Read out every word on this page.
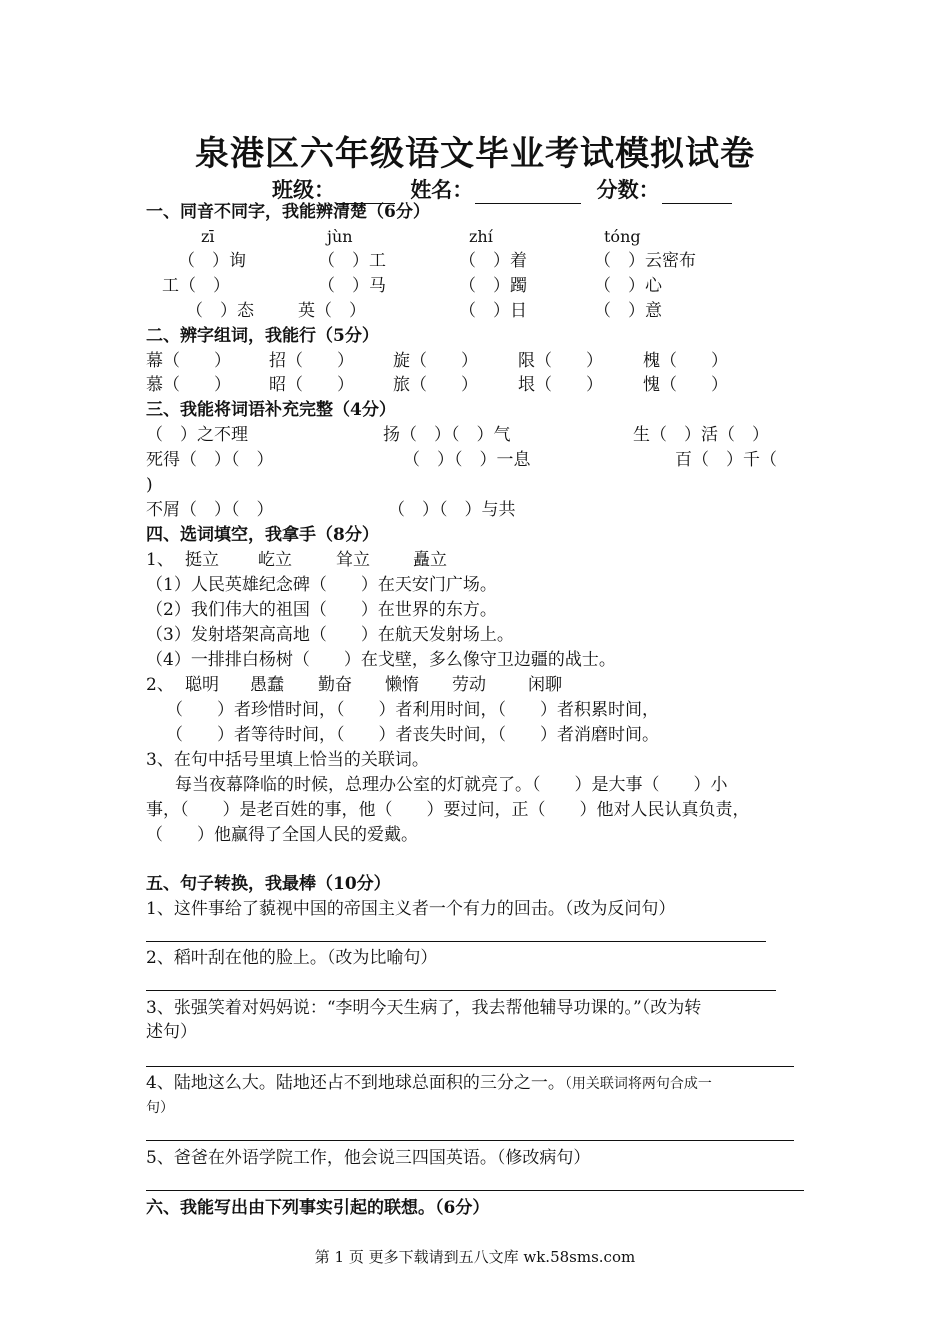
泉港区六年级语文毕业考试模拟试卷
班级：	姓名：	分数：
一、同音不同字，我能辨清楚（6分）
zī	jùn	zhí	tóng
（　）询	（　）工	（　）着	（　）云密布
工（　）	（　）马	（　）躅	（　）心
（　）态	英（　）	（　）日	（　）意
二、辨字组词，我能行（5分）
幕（　　） 招（　　） 旋（　　） 限（　　） 槐（　　）
慕（　　） 昭（　　） 旅（　　） 垠（　　） 愧（　　）
三、我能将词语补充完整（4分）
（　）之不理	扬（　）（　）气	生（　）活（　）
死得（　）（　）	（　）（　）一息	百（　）千（
)
不屑（　）（　）	（　）（　）与共
四、选词填空，我拿手（8分）
1、 挺立 屹立	耸立	矗立
（1）人民英雄纪念碑（　　）在天安门广场。
（2）我们伟大的祖国（　　）在世界的东方。
（3）发射塔架高高地（　　）在航天发射场上。
（4）一排排白杨树（　　）在戈壁，多么像守卫边疆的战士。
2、 聪明 愚蠢 勤奋 懒惰 劳动 闲聊
（　　）者珍惜时间，（　　）者利用时间，（　　）者积累时间，
（　　）者等待时间，（　　）者丧失时间，（　　）者消磨时间。
3、在句中括号里填上恰当的关联词。
每当夜幕降临的时候，总理办公室的灯就亮了。（　　）是大事（　　）小
事，（　　）是老百姓的事，他（　　）要过问，正（　　）他对人民认真负责，
（　　）他赢得了全国人民的爱戴。
五、句子转换，我最棒（10分）
1、这件事给了藐视中国的帝国主义者一个有力的回击。（改为反问句）
2、稻叶刮在他的脸上。（改为比喻句）
3、张强笑着对妈妈说：“李明今天生病了，我去帮他辅导功课的。”（改为转
述句）
4、陆地这么大。陆地还占不到地球总面积的三分之一。（用关联词将两句合成一
句）
5、爸爸在外语学院工作，他会说三四国英语。（修改病句）
六、我能写出由下列事实引起的联想。（6分）
第 1 页 更多下载请到五八文库 wk.58sms.com
